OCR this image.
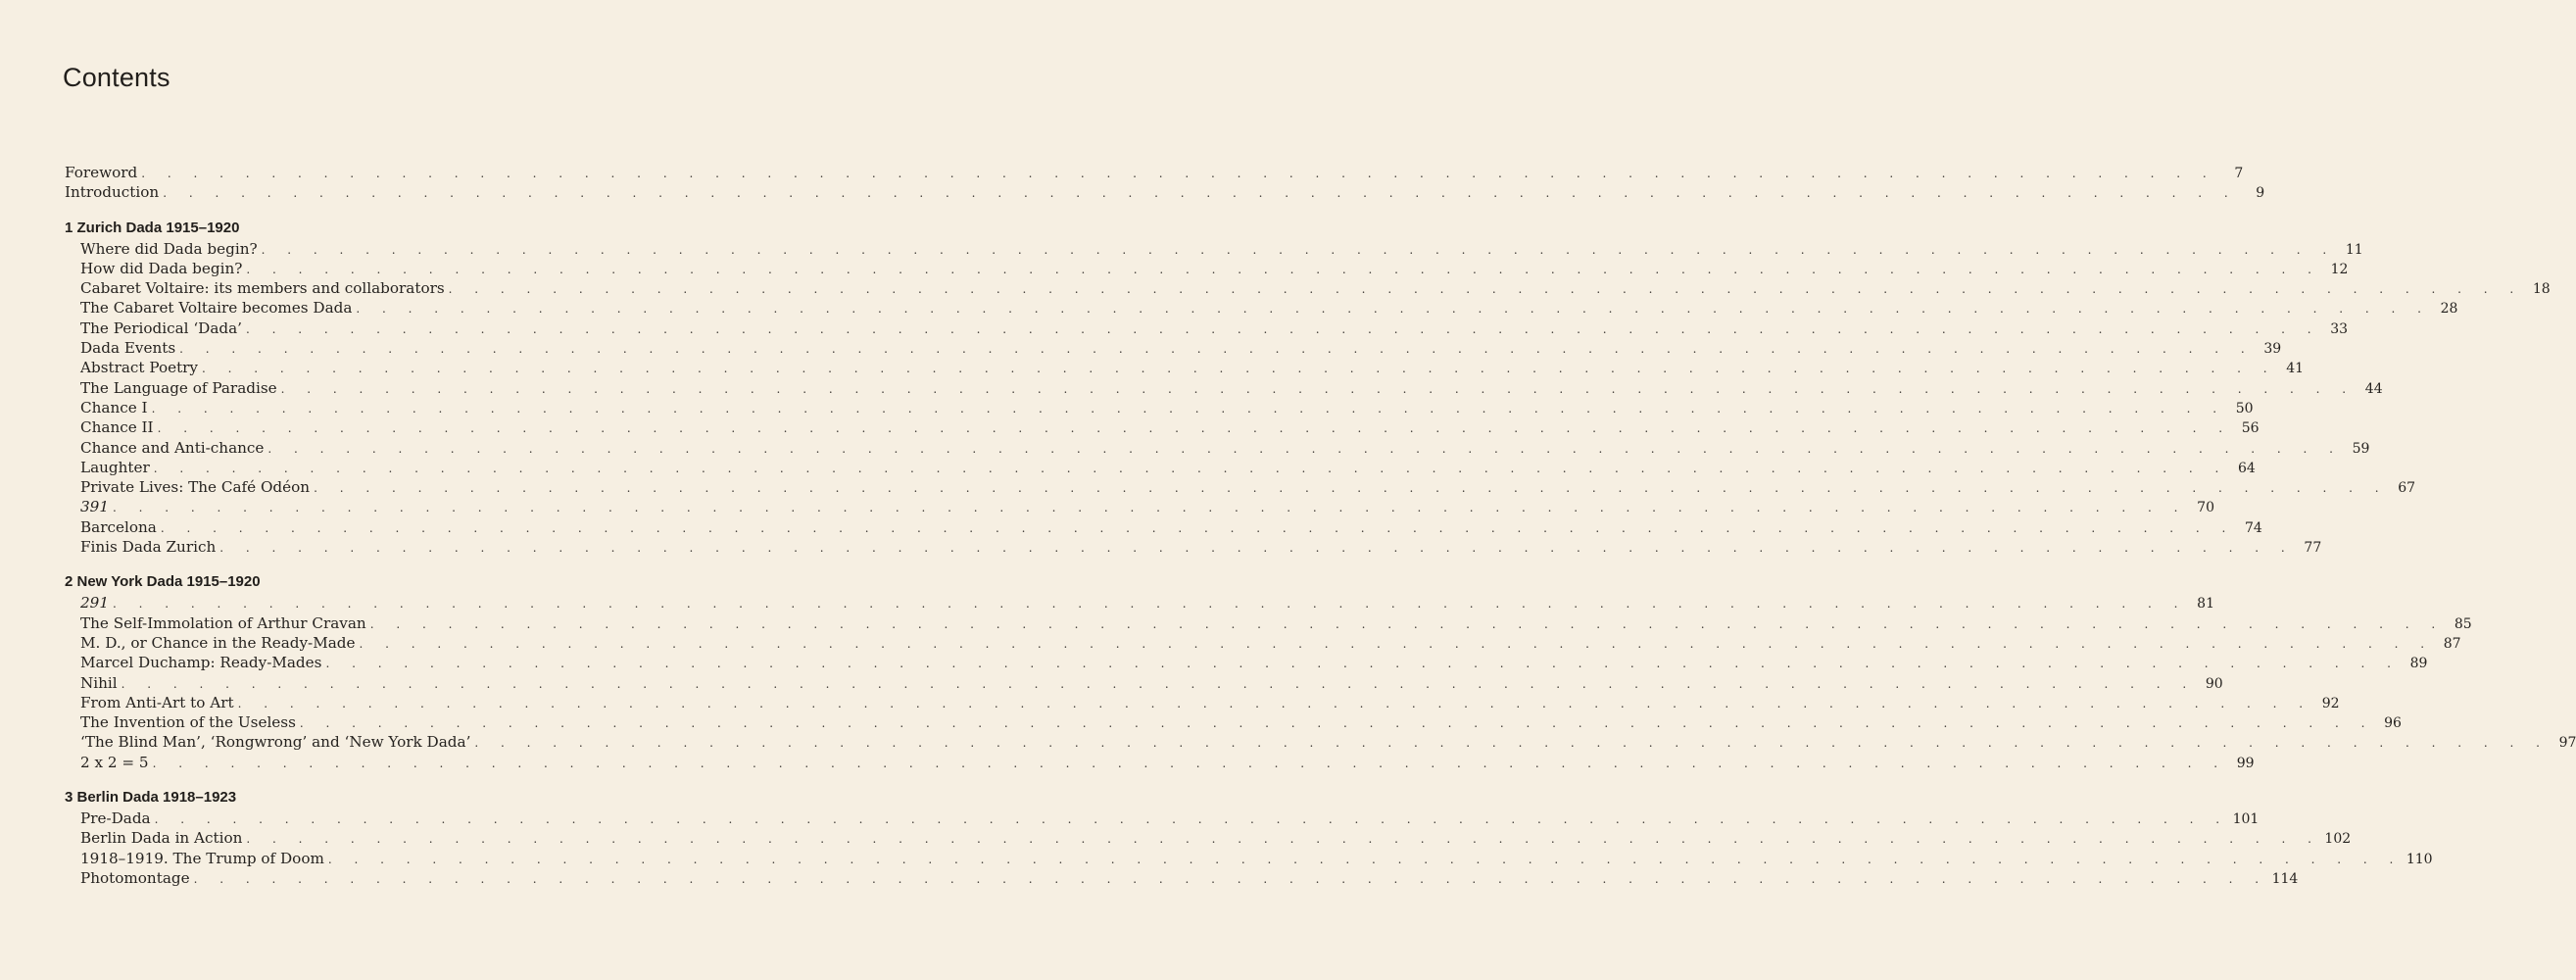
Contents
Foreword . . . . . . . . . . . . . . . . . . . . . . . . . . . . . . . . . . . . . . . . . . . . . . . . . . . . . . . . . . . . . . . . . . . . . . . . . . . . . . . .	7
Introduction . . . . . . . . . . . . . . . . . . . . . . . . . . . . . . . . . . . . . . . . . . . . . . . . . . . . . . . . . . . . . . . . . . . . . . . . . . . . . . . .	9
1 Zurich Dada 1915–1920
Where did Dada begin? . . . . . . . . . . . . . . . . . . . . . . . . . . . . . . . . . . . . . . . . . . . . . . . . . . . . . . . . . . . . . . . . . . . . . . . . . . . . . . . . 11
How did Dada begin? . . . . . . . . . . . . . . . . . . . . . . . . . . . . . . . . . . . . . . . . . . . . . . . . . . . . . . . . . . . . . . . . . . . . . . . . . . . . . . . . 12
Cabaret Voltaire: its members and collaborators . . . . . . . . . . . . . . . . . . . . . . . . . . . . . . . . . . . . . . . . . . . . . . . . . . . . . . . . . . . . . . . . . . . . . . . . . . . . . . . . 18
The Cabaret Voltaire becomes Dada . . . . . . . . . . . . . . . . . . . . . . . . . . . . . . . . . . . . . . . . . . . . . . . . . . . . . . . . . . . . . . . . . . . . . . . . . . . . . . . . 28
The Periodical ‘Dada’ . . . . . . . . . . . . . . . . . . . . . . . . . . . . . . . . . . . . . . . . . . . . . . . . . . . . . . . . . . . . . . . . . . . . . . . . . . . . . . . . 33
Dada Events . . . . . . . . . . . . . . . . . . . . . . . . . . . . . . . . . . . . . . . . . . . . . . . . . . . . . . . . . . . . . . . . . . . . . . . . . . . . . . . . 39
Abstract Poetry . . . . . . . . . . . . . . . . . . . . . . . . . . . . . . . . . . . . . . . . . . . . . . . . . . . . . . . . . . . . . . . . . . . . . . . . . . . . . . . . 41
The Language of Paradise . . . . . . . . . . . . . . . . . . . . . . . . . . . . . . . . . . . . . . . . . . . . . . . . . . . . . . . . . . . . . . . . . . . . . . . . . . . . . . . . 44
Chance I . . . . . . . . . . . . . . . . . . . . . . . . . . . . . . . . . . . . . . . . . . . . . . . . . . . . . . . . . . . . . . . . . . . . . . . . . . . . . . . . 50
Chance II . . . . . . . . . . . . . . . . . . . . . . . . . . . . . . . . . . . . . . . . . . . . . . . . . . . . . . . . . . . . . . . . . . . . . . . . . . . . . . . . 56
Chance and Anti-chance . . . . . . . . . . . . . . . . . . . . . . . . . . . . . . . . . . . . . . . . . . . . . . . . . . . . . . . . . . . . . . . . . . . . . . . . . . . . . . . . 59
Laughter . . . . . . . . . . . . . . . . . . . . . . . . . . . . . . . . . . . . . . . . . . . . . . . . . . . . . . . . . . . . . . . . . . . . . . . . . . . . . . . . 64
Private Lives: The Café Odéon . . . . . . . . . . . . . . . . . . . . . . . . . . . . . . . . . . . . . . . . . . . . . . . . . . . . . . . . . . . . . . . . . . . . . . . . . . . . . . . . 67
391 . . . . . . . . . . . . . . . . . . . . . . . . . . . . . . . . . . . . . . . . . . . . . . . . . . . . . . . . . . . . . . . . . . . . . . . . . . . . . . . . 70
Barcelona . . . . . . . . . . . . . . . . . . . . . . . . . . . . . . . . . . . . . . . . . . . . . . . . . . . . . . . . . . . . . . . . . . . . . . . . . . . . . . . . 74
Finis Dada Zurich . . . . . . . . . . . . . . . . . . . . . . . . . . . . . . . . . . . . . . . . . . . . . . . . . . . . . . . . . . . . . . . . . . . . . . . . . . . . . . . . 77
2 New York Dada 1915–1920
291 . . . . . . . . . . . . . . . . . . . . . . . . . . . . . . . . . . . . . . . . . . . . . . . . . . . . . . . . . . . . . . . . . . . . . . . . . . . . . . . . 81
The Self-Immolation of Arthur Cravan . . . . . . . . . . . . . . . . . . . . . . . . . . . . . . . . . . . . . . . . . . . . . . . . . . . . . . . . . . . . . . . . . . . . . . . . . . . . . . . . 85
M. D., or Chance in the Ready-Made . . . . . . . . . . . . . . . . . . . . . . . . . . . . . . . . . . . . . . . . . . . . . . . . . . . . . . . . . . . . . . . . . . . . . . . . . . . . . . . . 87
Marcel Duchamp: Ready-Mades . . . . . . . . . . . . . . . . . . . . . . . . . . . . . . . . . . . . . . . . . . . . . . . . . . . . . . . . . . . . . . . . . . . . . . . . . . . . . . . . 89
Nihil . . . . . . . . . . . . . . . . . . . . . . . . . . . . . . . . . . . . . . . . . . . . . . . . . . . . . . . . . . . . . . . . . . . . . . . . . . . . . . . . 90
From Anti-Art to Art . . . . . . . . . . . . . . . . . . . . . . . . . . . . . . . . . . . . . . . . . . . . . . . . . . . . . . . . . . . . . . . . . . . . . . . . . . . . . . . . 92
The Invention of the Useless . . . . . . . . . . . . . . . . . . . . . . . . . . . . . . . . . . . . . . . . . . . . . . . . . . . . . . . . . . . . . . . . . . . . . . . . . . . . . . . . 96
‘The Blind Man’, ‘Rongwrong’ and ‘New York Dada’ . . . . . . . . . . . . . . . . . . . . . . . . . . . . . . . . . . . . . . . . . . . . . . . . . . . . . . . . . . . . . . . . . . . . . . . . . . . . . . . . 97
2 x 2 = 5 . . . . . . . . . . . . . . . . . . . . . . . . . . . . . . . . . . . . . . . . . . . . . . . . . . . . . . . . . . . . . . . . . . . . . . . . . . . . . . . . 99
3 Berlin Dada 1918–1923
Pre-Dada . . . . . . . . . . . . . . . . . . . . . . . . . . . . . . . . . . . . . . . . . . . . . . . . . . . . . . . . . . . . . . . . . . . . . . . . . . . . . . . . 101
Berlin Dada in Action . . . . . . . . . . . . . . . . . . . . . . . . . . . . . . . . . . . . . . . . . . . . . . . . . . . . . . . . . . . . . . . . . . . . . . . . . . . . . . . . 102
1918–1919. The Trump of Doom . . . . . . . . . . . . . . . . . . . . . . . . . . . . . . . . . . . . . . . . . . . . . . . . . . . . . . . . . . . . . . . . . . . . . . . . . . . . . . . . 110
Photomontage . . . . . . . . . . . . . . . . . . . . . . . . . . . . . . . . . . . . . . . . . . . . . . . . . . . . . . . . . . . . . . . . . . . . . . . . . . . . . . . . 114
